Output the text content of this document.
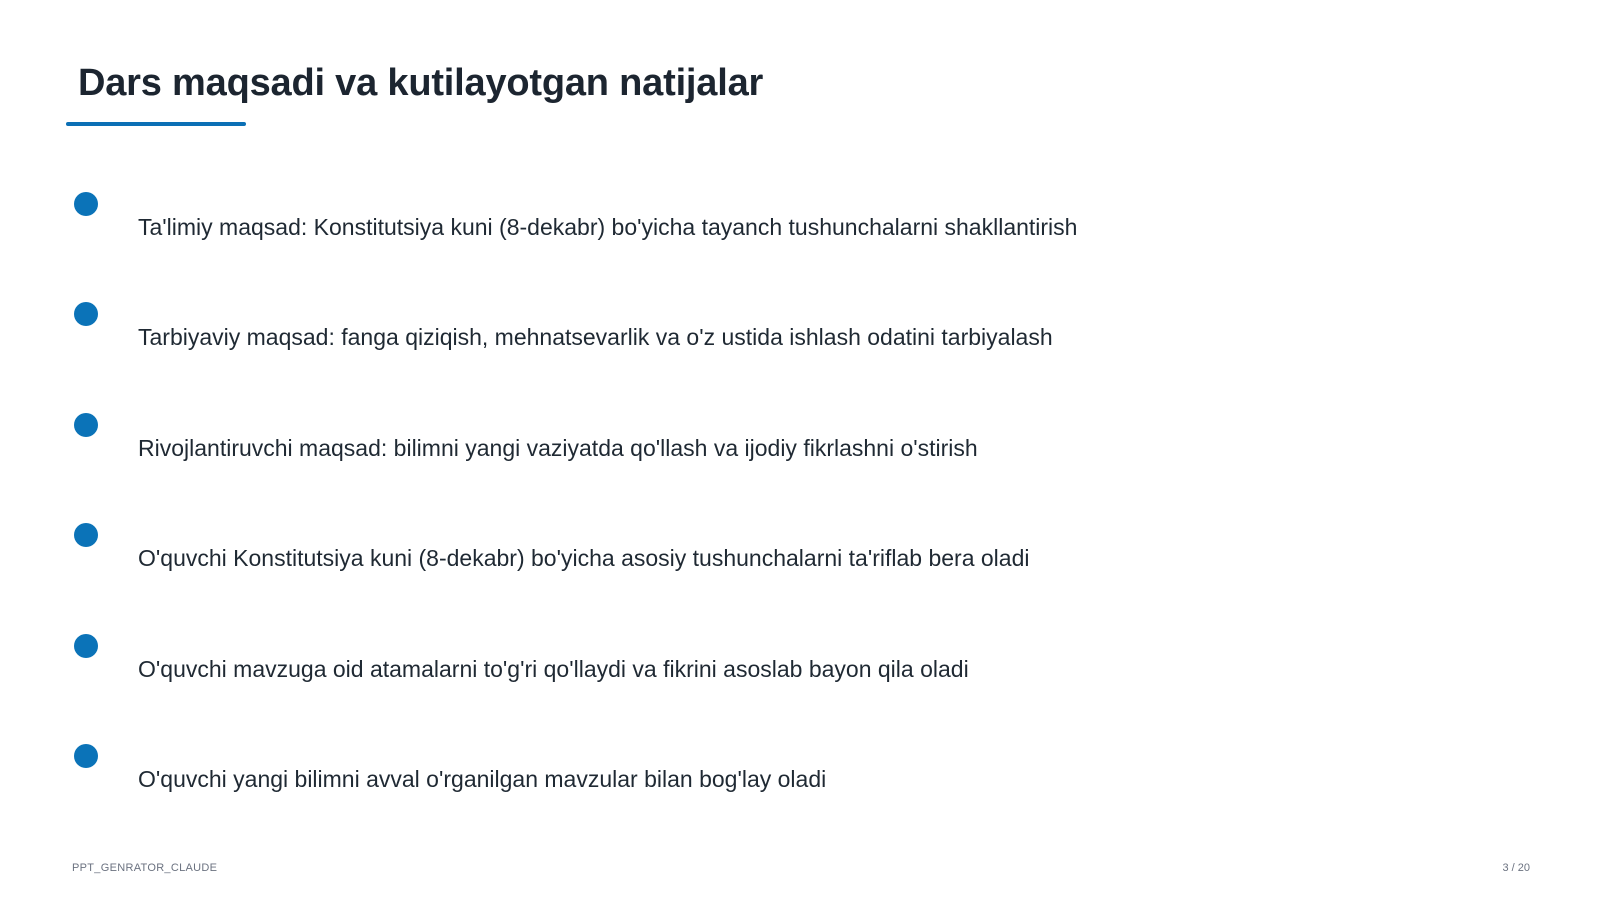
Dars maqsadi va kutilayotgan natijalar
Ta'limiy maqsad: Konstitutsiya kuni (8-dekabr) bo'yicha tayanch tushunchalarni shakllantirish
Tarbiyaviy maqsad: fanga qiziqish, mehnatsevarlik va o'z ustida ishlash odatini tarbiyalash
Rivojlantiruvchi maqsad: bilimni yangi vaziyatda qo'llash va ijodiy fikrlashni o'stirish
O'quvchi Konstitutsiya kuni (8-dekabr) bo'yicha asosiy tushunchalarni ta'riflab bera oladi
O'quvchi mavzuga oid atamalarni to'g'ri qo'llaydi va fikrini asoslab bayon qila oladi
O'quvchi yangi bilimni avval o'rganilgan mavzular bilan bog'lay oladi
PPT_GENRATOR_CLAUDE	3 / 20
